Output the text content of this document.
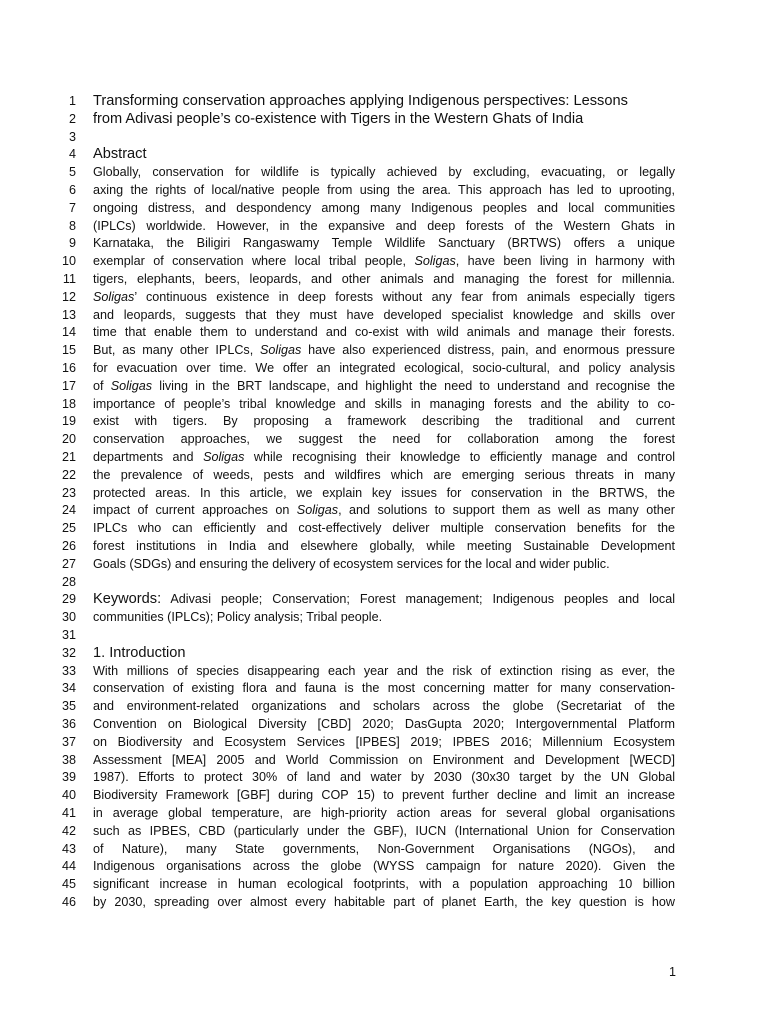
1
1 Transforming conservation approaches applying Indigenous perspectives: Lessons
2 from Adivasi people’s co-existence with Tigers in the Western Ghats of India
3
4 Abstract
5 Globally, conservation for wildlife is typically achieved by excluding, evacuating, or legally
6 axing the rights of local/native people from using the area. This approach has led to uprooting,
7 ongoing distress, and despondency among many Indigenous peoples and local communities
8 (IPLCs) worldwide. However, in the expansive and deep forests of the Western Ghats in
9 Karnataka, the Biligiri Rangaswamy Temple Wildlife Sanctuary (BRTWS) offers a unique
10 exemplar of conservation where local tribal people, Soligas, have been living in harmony with
11 tigers, elephants, beers, leopards, and other animals and managing the forest for millennia.
12 Soligas’ continuous existence in deep forests without any fear from animals especially tigers
13 and leopards, suggests that they must have developed specialist knowledge and skills over
14 time that enable them to understand and co-exist with wild animals and manage their forests.
15 But, as many other IPLCs, Soligas have also experienced distress, pain, and enormous pressure
16 for evacuation over time. We offer an integrated ecological, socio-cultural, and policy analysis
17 of Soligas living in the BRT landscape, and highlight the need to understand and recognise the
18 importance of people’s tribal knowledge and skills in managing forests and the ability to co-
19 exist with tigers. By proposing a framework describing the traditional and current
20 conservation approaches, we suggest the need for collaboration among the forest
21 departments and Soligas while recognising their knowledge to efficiently manage and control
22 the prevalence of weeds, pests and wildfires which are emerging serious threats in many
23 protected areas. In this article, we explain key issues for conservation in the BRTWS, the
24 impact of current approaches on Soligas, and solutions to support them as well as many other
25 IPLCs who can efficiently and cost-effectively deliver multiple conservation benefits for the
26 forest institutions in India and elsewhere globally, while meeting Sustainable Development
27 Goals (SDGs) and ensuring the delivery of ecosystem services for the local and wider public.
28
29 Keywords: Adivasi people; Conservation; Forest management; Indigenous peoples and local
30 communities (IPLCs); Policy analysis; Tribal people.
31
32 1. Introduction
33 With millions of species disappearing each year and the risk of extinction rising as ever, the
34 conservation of existing flora and fauna is the most concerning matter for many conservation-
35 and environment-related organizations and scholars across the globe (Secretariat of the
36 Convention on Biological Diversity [CBD] 2020; DasGupta 2020; Intergovernmental Platform
37 on Biodiversity and Ecosystem Services [IPBES] 2019; IPBES 2016; Millennium Ecosystem
38 Assessment [MEA] 2005 and World Commission on Environment and Development [WECD]
39 1987). Efforts to protect 30% of land and water by 2030 (30x30 target by the UN Global
40 Biodiversity Framework [GBF] during COP 15) to prevent further decline and limit an increase
41 in average global temperature, are high-priority action areas for several global organisations
42 such as IPBES, CBD (particularly under the GBF), IUCN (International Union for Conservation
43 of Nature), many State governments, Non-Government Organisations (NGOs), and
44 Indigenous organisations across the globe (WYSS campaign for nature 2020). Given the
45 significant increase in human ecological footprints, with a population approaching 10 billion
46 by 2030, spreading over almost every habitable part of planet Earth, the key question is how
